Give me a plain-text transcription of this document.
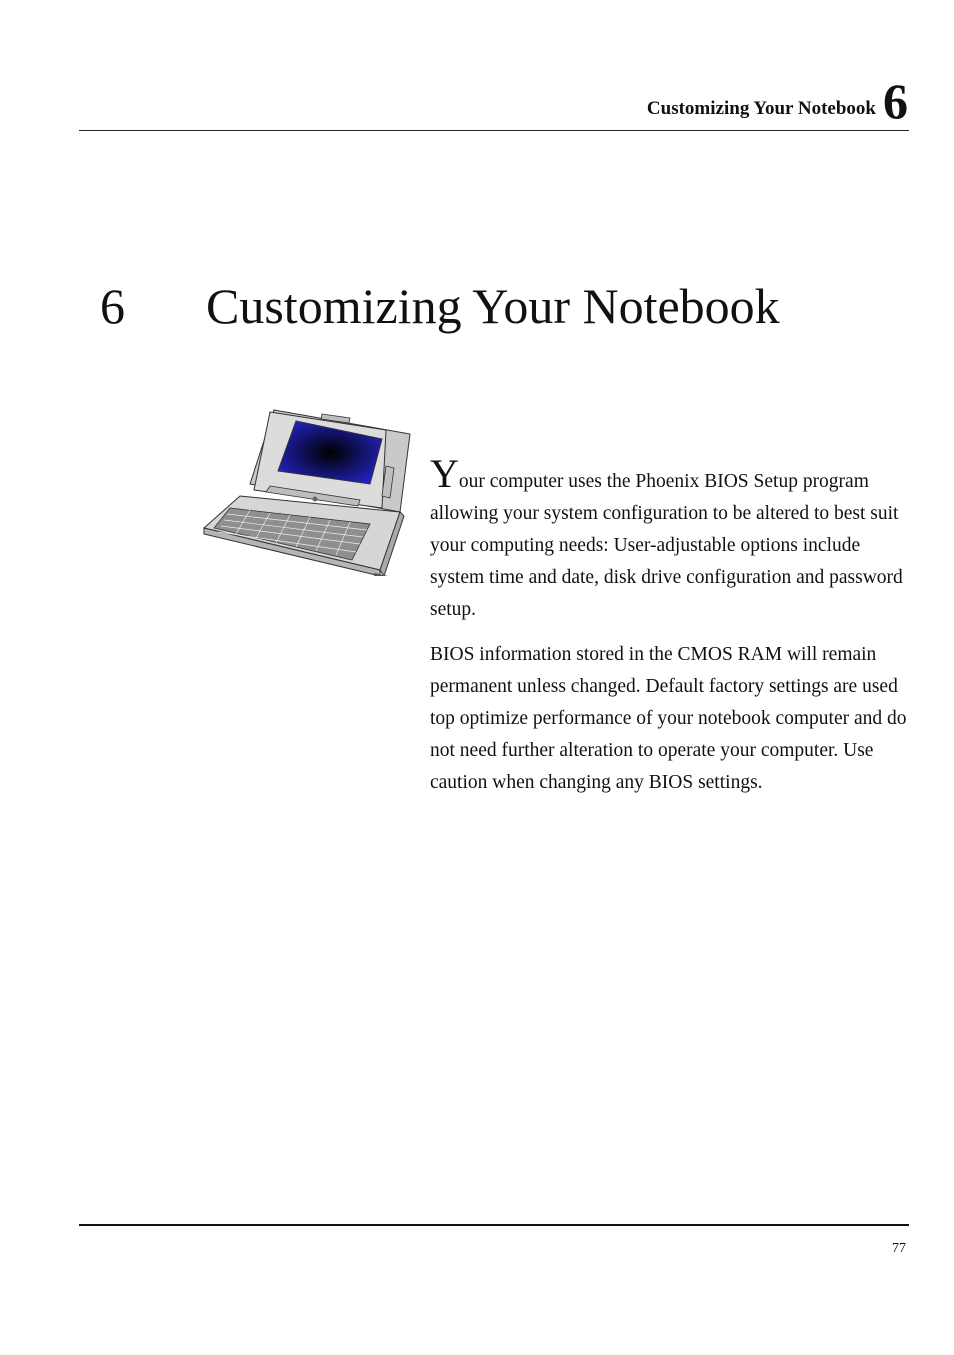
Customizing Your Notebook 6
6 Customizing Your Notebook

Your computer uses the Phoenix BIOS Setup program allowing your system configuration to be altered to best suit your computing needs: User-adjustable options include system time and date, disk drive configuration and password setup.

BIOS information stored in the CMOS RAM will remain permanent unless changed. Default factory settings are used top optimize performance of your notebook computer and do not need further alteration to operate your computer. Use caution when changing any BIOS settings.

77
